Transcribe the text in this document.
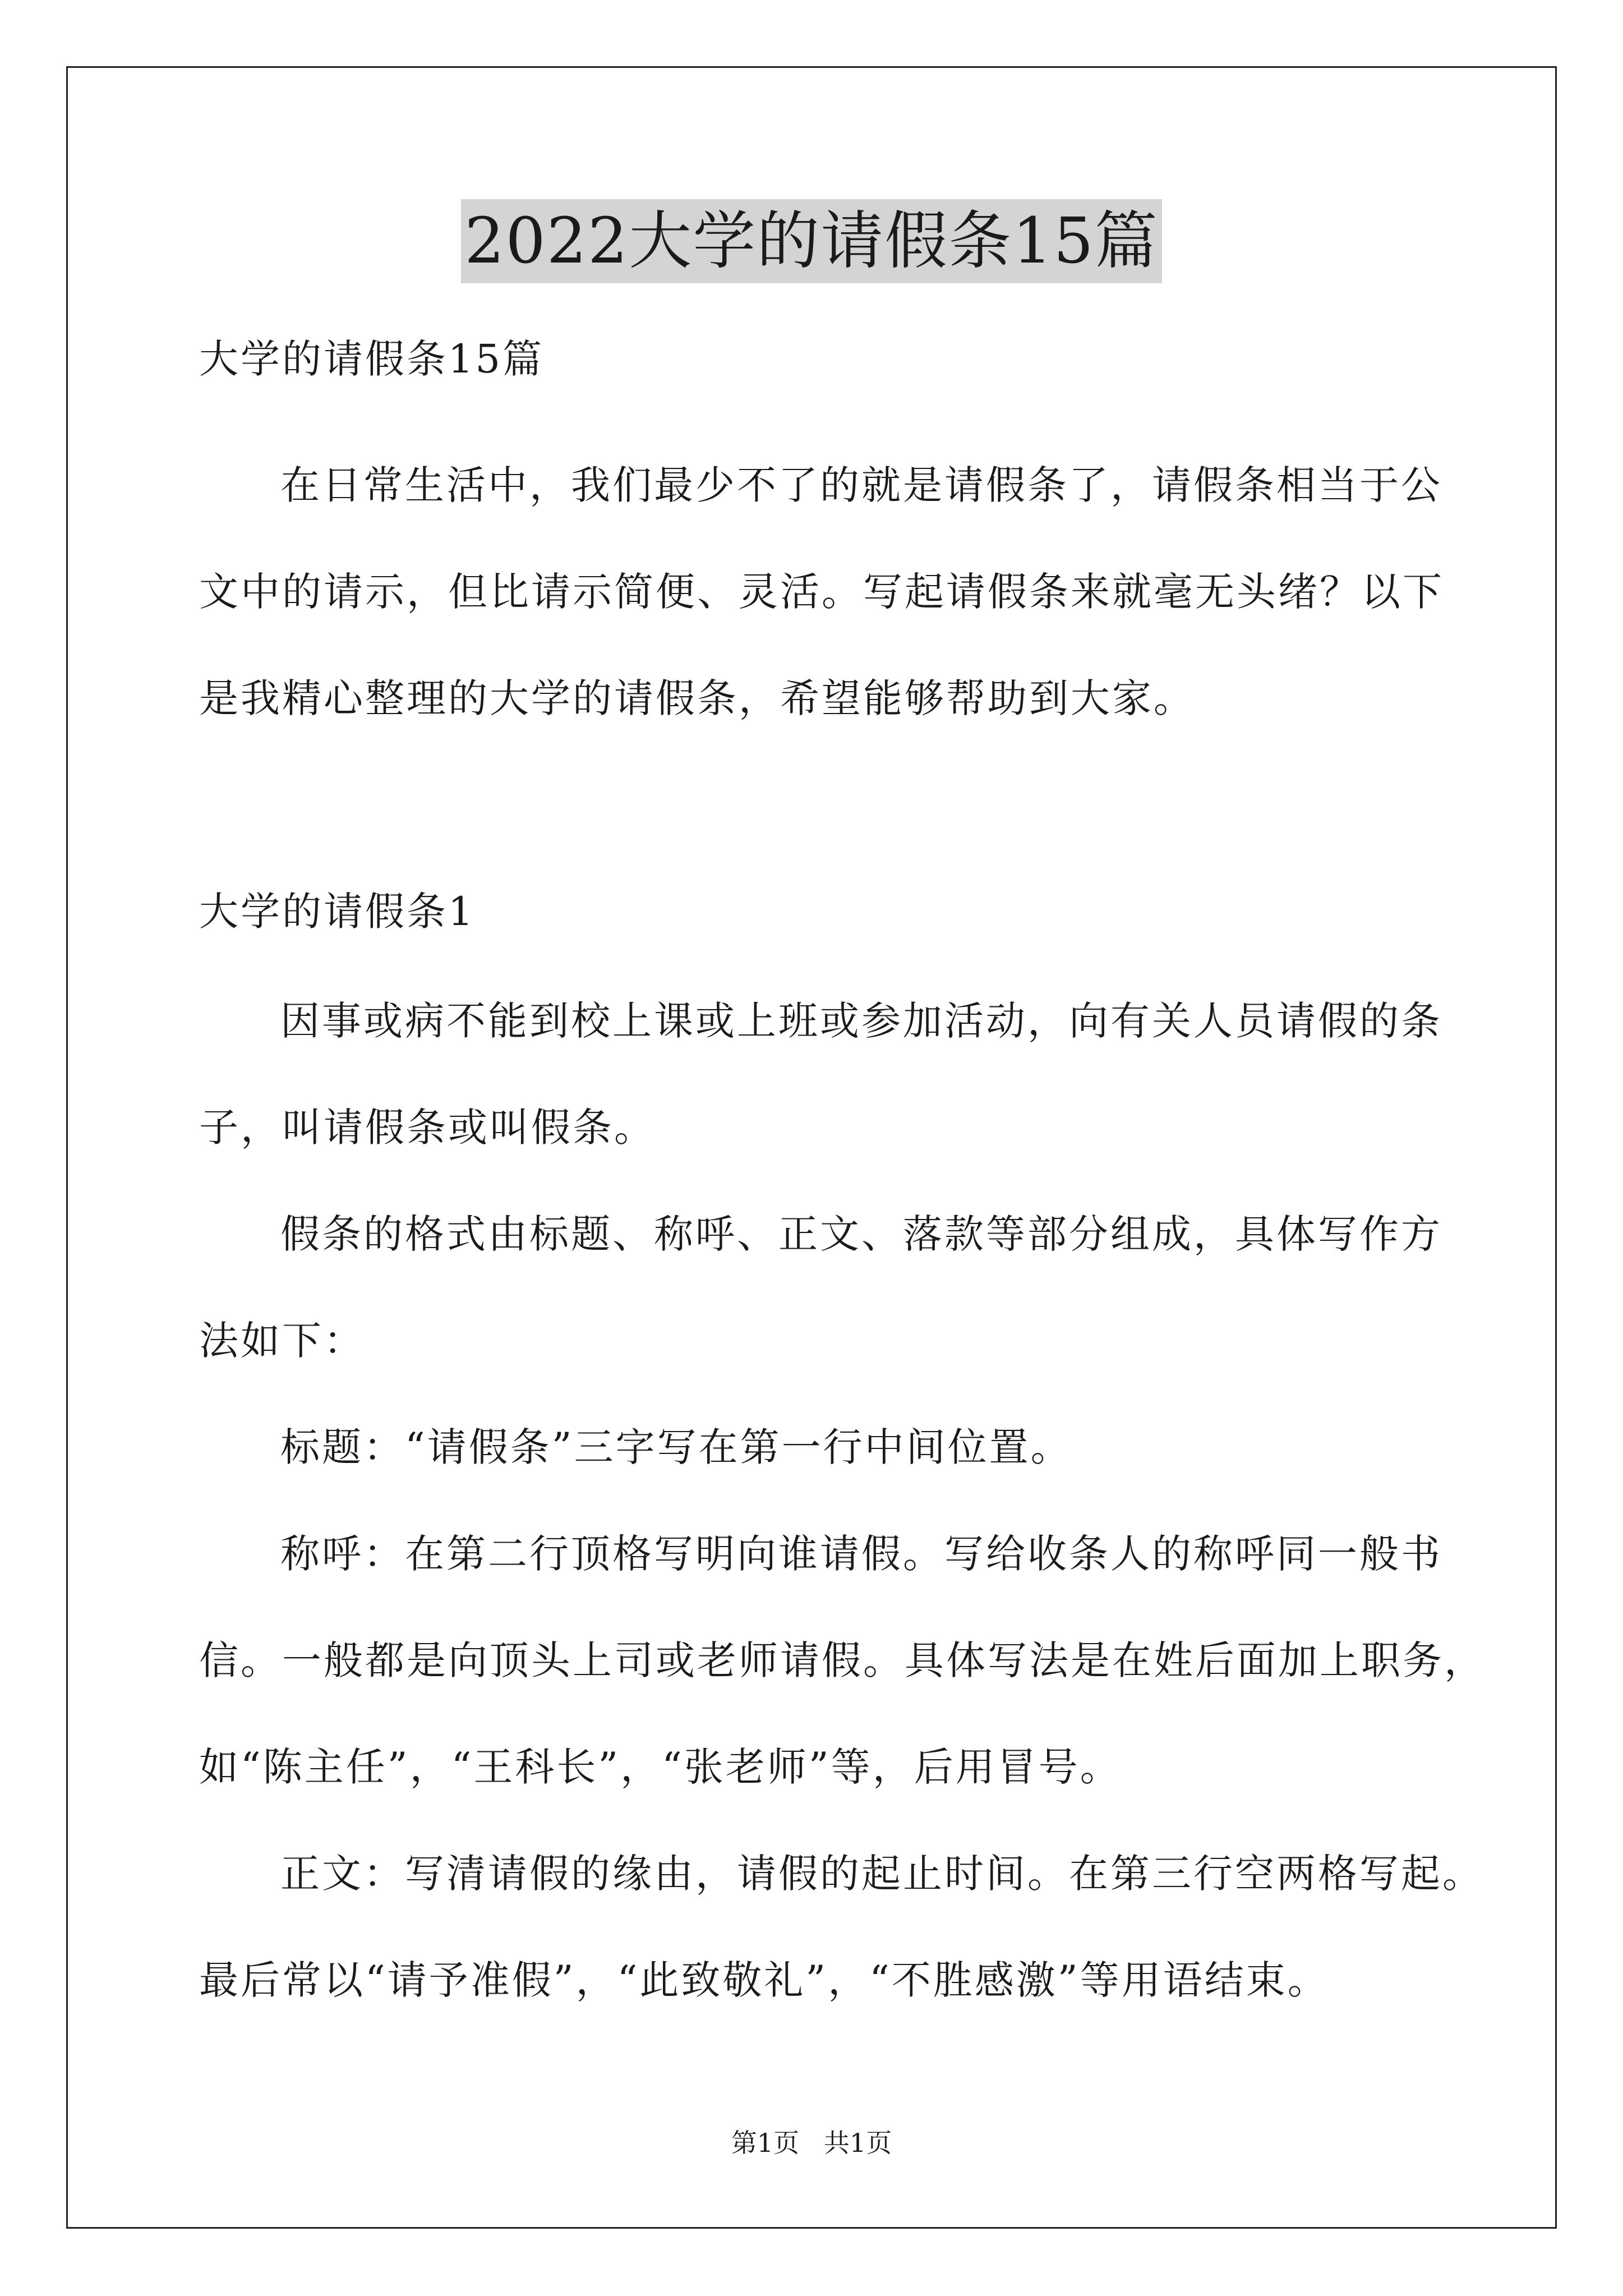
2022大学的请假条15篇
大学的请假条15篇
在日常生活中，我们最少不了的就是请假条了，请假条相当于公
文中的请示，但比请示简便、灵活。写起请假条来就毫无头绪？以下
是我精心整理的大学的请假条，希望能够帮助到大家。
大学的请假条1
因事或病不能到校上课或上班或参加活动，向有关人员请假的条
子，叫请假条或叫假条。
假条的格式由标题、称呼、正文、落款等部分组成，具体写作方
法如下：
标题：“请假条”三字写在第一行中间位置。
称呼：在第二行顶格写明向谁请假。写给收条人的称呼同一般书
信。一般都是向顶头上司或老师请假。具体写法是在姓后面加上职务，
如“陈主任”，“王科长”，“张老师”等，后用冒号。
正文：写清请假的缘由，请假的起止时间。在第三行空两格写起。
最后常以“请予准假”，“此致敬礼”，“不胜感激”等用语结束。
第1页   共1页
